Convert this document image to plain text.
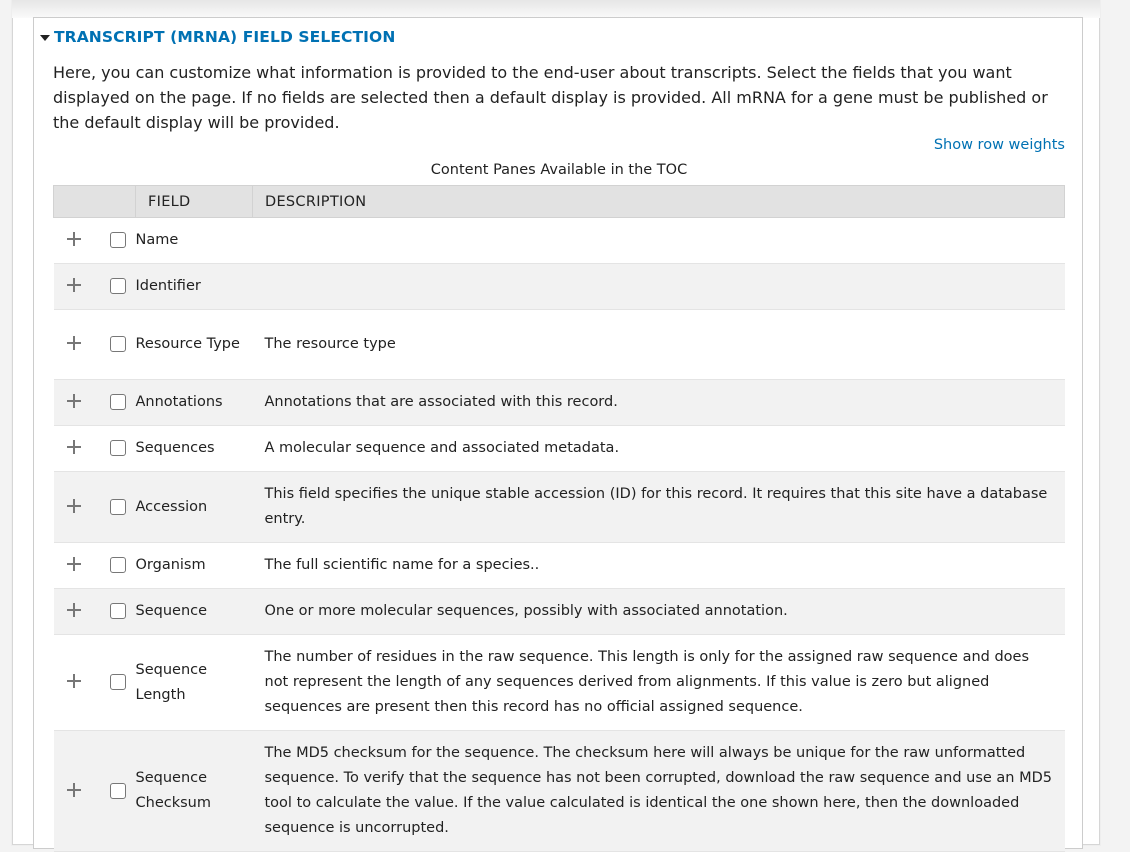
TRANSCRIPT (MRNA) FIELD SELECTION
Here, you can customize what information is provided to the end-user about transcripts. Select the fields that you want displayed on the page. If no fields are selected then a default display is provided. All mRNA for a gene must be published or the default display will be provided.
Show row weights
Content Panes Available in the TOC
		FIELD	DESCRIPTION
		Name	
		Identifier	
		Resource Type	The resource type
		Annotations	Annotations that are associated with this record.
		Sequences	A molecular sequence and associated metadata.
		Accession	This field specifies the unique stable accession (ID) for this record. It requires that this site have a database entry.
		Organism	The full scientific name for a species..
		Sequence	One or more molecular sequences, possibly with associated annotation.
		Sequence Length	The number of residues in the raw sequence. This length is only for the assigned raw sequence and does not represent the length of any sequences derived from alignments. If this value is zero but aligned sequences are present then this record has no official assigned sequence.
		Sequence Checksum	The MD5 checksum for the sequence. The checksum here will always be unique for the raw unformatted sequence. To verify that the sequence has not been corrupted, download the raw sequence and use an MD5 tool to calculate the value. If the value calculated is identical the one shown here, then the downloaded sequence is uncorrupted.
